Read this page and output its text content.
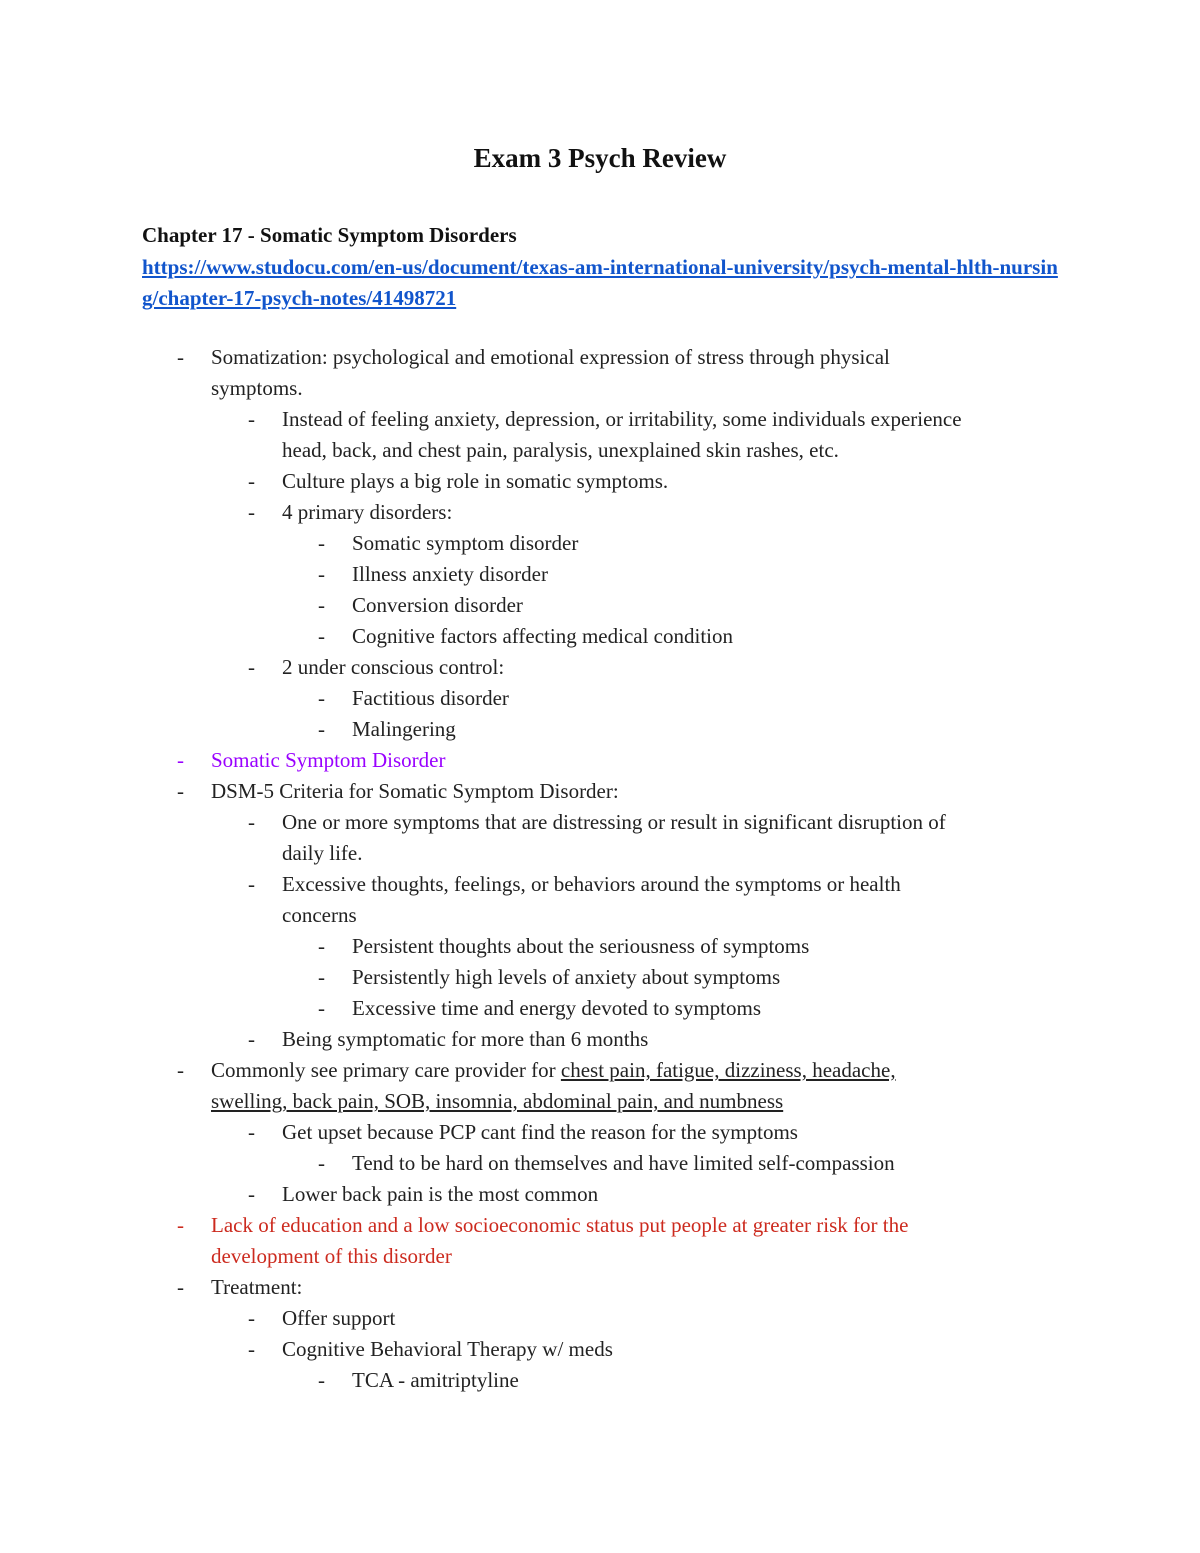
Exam 3 Psych Review
Chapter 17 - Somatic Symptom Disorders
https://www.studocu.com/en-us/document/texas-am-international-university/psych-mental-hlth-nursing/chapter-17-psych-notes/41498721
- Somatization: psychological and emotional expression of stress through physical
symptoms.
- Instead of feeling anxiety, depression, or irritability, some individuals experience
head, back, and chest pain, paralysis, unexplained skin rashes, etc.
- Culture plays a big role in somatic symptoms.
- 4 primary disorders:
- Somatic symptom disorder
- Illness anxiety disorder
- Conversion disorder
- Cognitive factors affecting medical condition
- 2 under conscious control:
- Factitious disorder
- Malingering
- Somatic Symptom Disorder
- DSM-5 Criteria for Somatic Symptom Disorder:
- One or more symptoms that are distressing or result in significant disruption of
daily life.
- Excessive thoughts, feelings, or behaviors around the symptoms or health
concerns
- Persistent thoughts about the seriousness of symptoms
- Persistently high levels of anxiety about symptoms
- Excessive time and energy devoted to symptoms
- Being symptomatic for more than 6 months
- Commonly see primary care provider for chest pain, fatigue, dizziness, headache,
swelling, back pain, SOB, insomnia, abdominal pain, and numbness
- Get upset because PCP cant find the reason for the symptoms
- Tend to be hard on themselves and have limited self-compassion
- Lower back pain is the most common
- Lack of education and a low socioeconomic status put people at greater risk for the
development of this disorder
- Treatment:
- Offer support
- Cognitive Behavioral Therapy w/ meds
- TCA - amitriptyline
